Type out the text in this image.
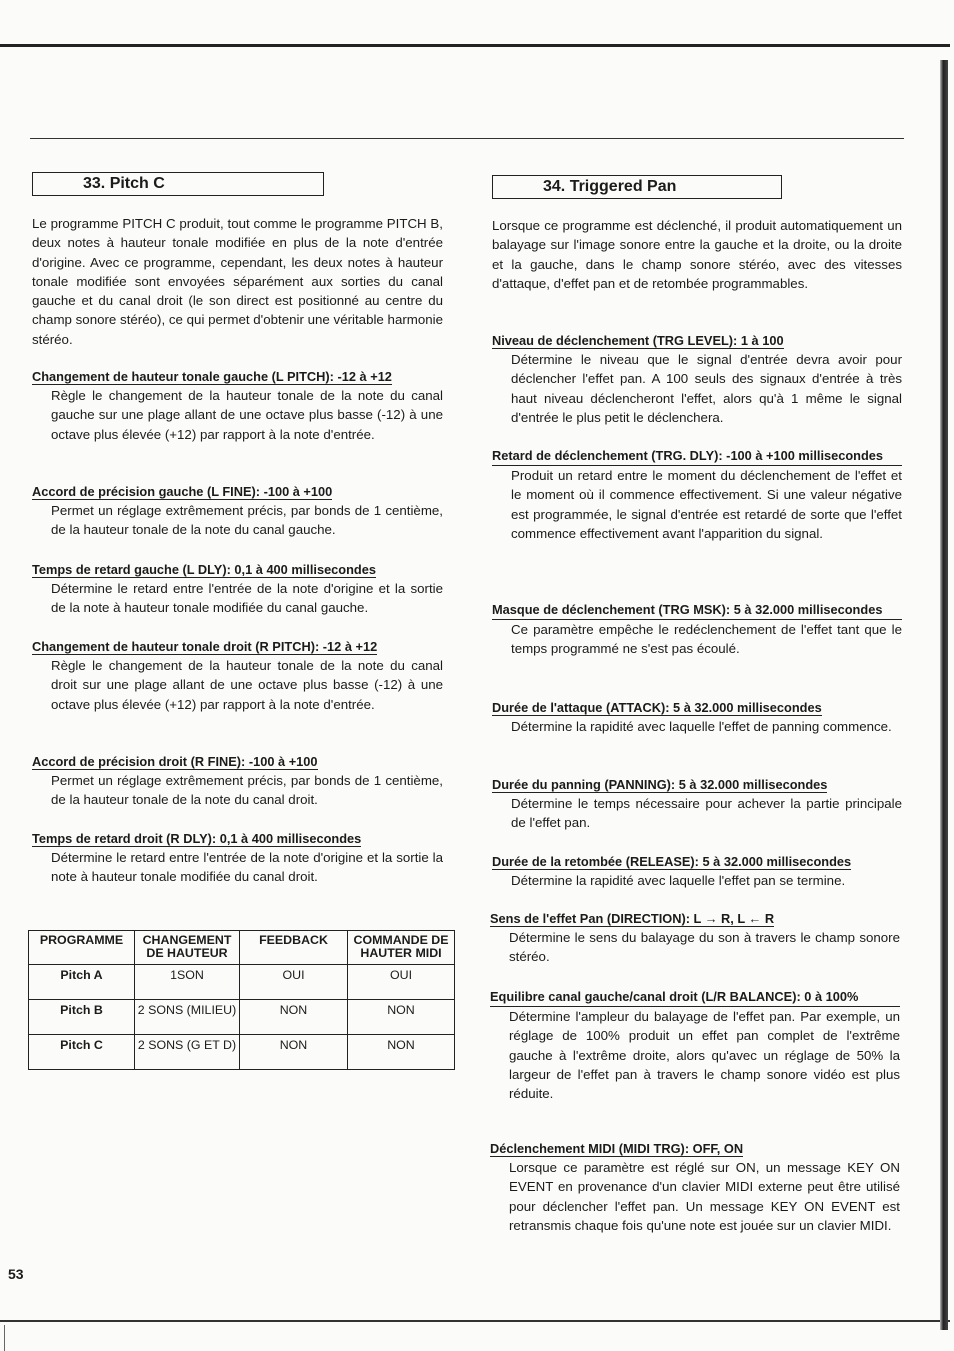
33. Pitch C
Le programme PITCH C produit, tout comme le programme PITCH B, deux notes à hauteur tonale modifiée en plus de la note d'entrée d'origine. Avec ce programme, cependant, les deux notes à hauteur tonale modifiée sont envoyées séparément aux sorties du canal gauche et du canal droit (le son direct est positionné au centre du champ sonore stéréo), ce qui permet d'obtenir une véritable harmonie stéréo.
Changement de hauteur tonale gauche (L PITCH): -12 à +12
Règle le changement de la hauteur tonale de la note du canal gauche sur une plage allant de une octave plus basse (-12) à une octave plus élevée (+12) par rapport à la note d'entrée.
Accord de précision gauche (L FINE): -100 à +100
Permet un réglage extrêmement précis, par bonds de 1 centième, de la hauteur tonale de la note du canal gauche.
Temps de retard gauche (L DLY): 0,1 à 400 millisecondes
Détermine le retard entre l'entrée de la note d'origine et la sortie de la note à hauteur tonale modifiée du canal gauche.
Changement de hauteur tonale droit (R PITCH): -12 à +12
Règle le changement de la hauteur tonale de la note du canal droit sur une plage allant de une octave plus basse (-12) à une octave plus élevée (+12) par rapport à la note d'entrée.
Accord de précision droit (R FINE): -100 à +100
Permet un réglage extrêmement précis, par bonds de 1 centième, de la hauteur tonale de la note du canal droit.
Temps de retard droit (R DLY): 0,1 à 400 millisecondes
Détermine le retard entre l'entrée de la note d'origine et la sortie la note à hauteur tonale modifiée du canal droit.
PROGRAMME	CHANGEMENT DE HAUTEUR	FEEDBACK	COMMANDE DE HAUTER MIDI
Pitch A	1SON	OUI	OUI
Pitch B	2 SONS (MILIEU)	NON	NON
Pitch C	2 SONS (G ET D)	NON	NON
34. Triggered Pan
Lorsque ce programme est déclenché, il produit automatiquement un balayage sur l'image sonore entre la gauche et la droite, ou la droite et la gauche, dans le champ sonore stéréo, avec des vitesses d'attaque, d'effet pan et de retombée programmables.
Niveau de déclenchement (TRG LEVEL): 1 à 100
Détermine le niveau que le signal d'entrée devra avoir pour déclencher l'effet pan. A 100 seuls des signaux d'entrée à très haut niveau déclencheront l'effet, alors qu'à 1 même le signal d'entrée le plus petit le déclenchera.
Retard de déclenchement (TRG. DLY): -100 à +100 millisecondes
Produit un retard entre le moment du déclenchement de l'effet et le moment où il commence effectivement. Si une valeur négative est programmée, le signal d'entrée est retardé de sorte que l'effet commence effectivement avant l'apparition du signal.
Masque de déclenchement (TRG MSK): 5 à 32.000 millisecondes
Ce paramètre empêche le redéclenchement de l'effet tant que le temps programmé ne s'est pas écoulé.
Durée de l'attaque (ATTACK): 5 à 32.000 millisecondes
Détermine la rapidité avec laquelle l'effet de panning commence.
Durée du panning (PANNING): 5 à 32.000 millisecondes
Détermine le temps nécessaire pour achever la partie principale de l'effet pan.
Durée de la retombée (RELEASE): 5 à 32.000 millisecondes
Détermine la rapidité avec laquelle l'effet pan se termine.
Sens de l'effet Pan (DIRECTION): L → R, L ← R
Détermine le sens du balayage du son à travers le champ sonore stéréo.
Equilibre canal gauche/canal droit (L/R BALANCE): 0 à 100%
Détermine l'ampleur du balayage de l'effet pan. Par exemple, un réglage de 100% produit un effet pan complet de l'extrême gauche à l'extrême droite, alors qu'avec un réglage de 50% la largeur de l'effet pan à travers le champ sonore vidéo est plus réduite.
Déclenchement MIDI (MIDI TRG): OFF, ON
Lorsque ce paramètre est réglé sur ON, un message KEY ON EVENT en provenance d'un clavier MIDI externe peut être utilisé pour déclencher l'effet pan. Un message KEY ON EVENT est retransmis chaque fois qu'une note est jouée sur un clavier MIDI.
53
